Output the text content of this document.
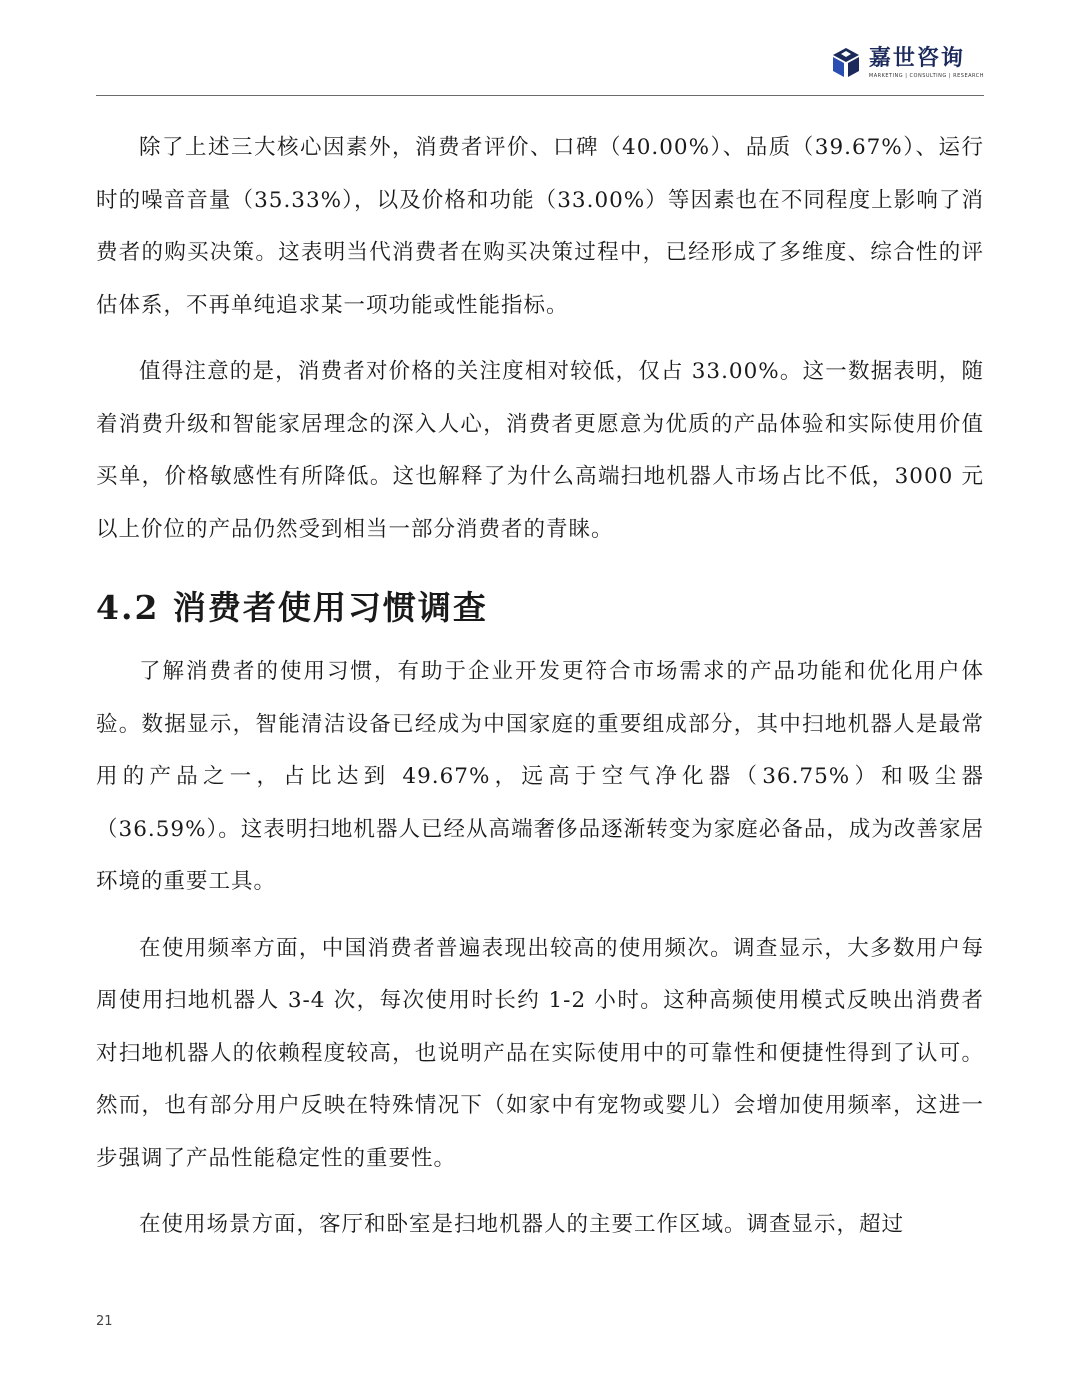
嘉世咨询
MARKETING | CONSULTING | RESEARCH

除了上述三大核心因素外，消费者评价、口碑（40.00%）、品质（39.67%）、运行时的噪音音量（35.33%），以及价格和功能（33.00%）等因素也在不同程度上影响了消费者的购买决策。这表明当代消费者在购买决策过程中，已经形成了多维度、综合性的评估体系，不再单纯追求某一项功能或性能指标。

值得注意的是，消费者对价格的关注度相对较低，仅占 33.00%。这一数据表明，随着消费升级和智能家居理念的深入人心，消费者更愿意为优质的产品体验和实际使用价值买单，价格敏感性有所降低。这也解释了为什么高端扫地机器人市场占比不低，3000 元以上价位的产品仍然受到相当一部分消费者的青睐。

4.2 消费者使用习惯调查

了解消费者的使用习惯，有助于企业开发更符合市场需求的产品功能和优化用户体验。数据显示，智能清洁设备已经成为中国家庭的重要组成部分，其中扫地机器人是最常用的产品之一，占比达到 49.67%，远高于空气净化器（36.75%）和吸尘器（36.59%）。这表明扫地机器人已经从高端奢侈品逐渐转变为家庭必备品，成为改善家居环境的重要工具。

在使用频率方面，中国消费者普遍表现出较高的使用频次。调查显示，大多数用户每周使用扫地机器人 3-4 次，每次使用时长约 1-2 小时。这种高频使用模式反映出消费者对扫地机器人的依赖程度较高，也说明产品在实际使用中的可靠性和便捷性得到了认可。然而，也有部分用户反映在特殊情况下（如家中有宠物或婴儿）会增加使用频率，这进一步强调了产品性能稳定性的重要性。

在使用场景方面，客厅和卧室是扫地机器人的主要工作区域。调查显示，超过

21
